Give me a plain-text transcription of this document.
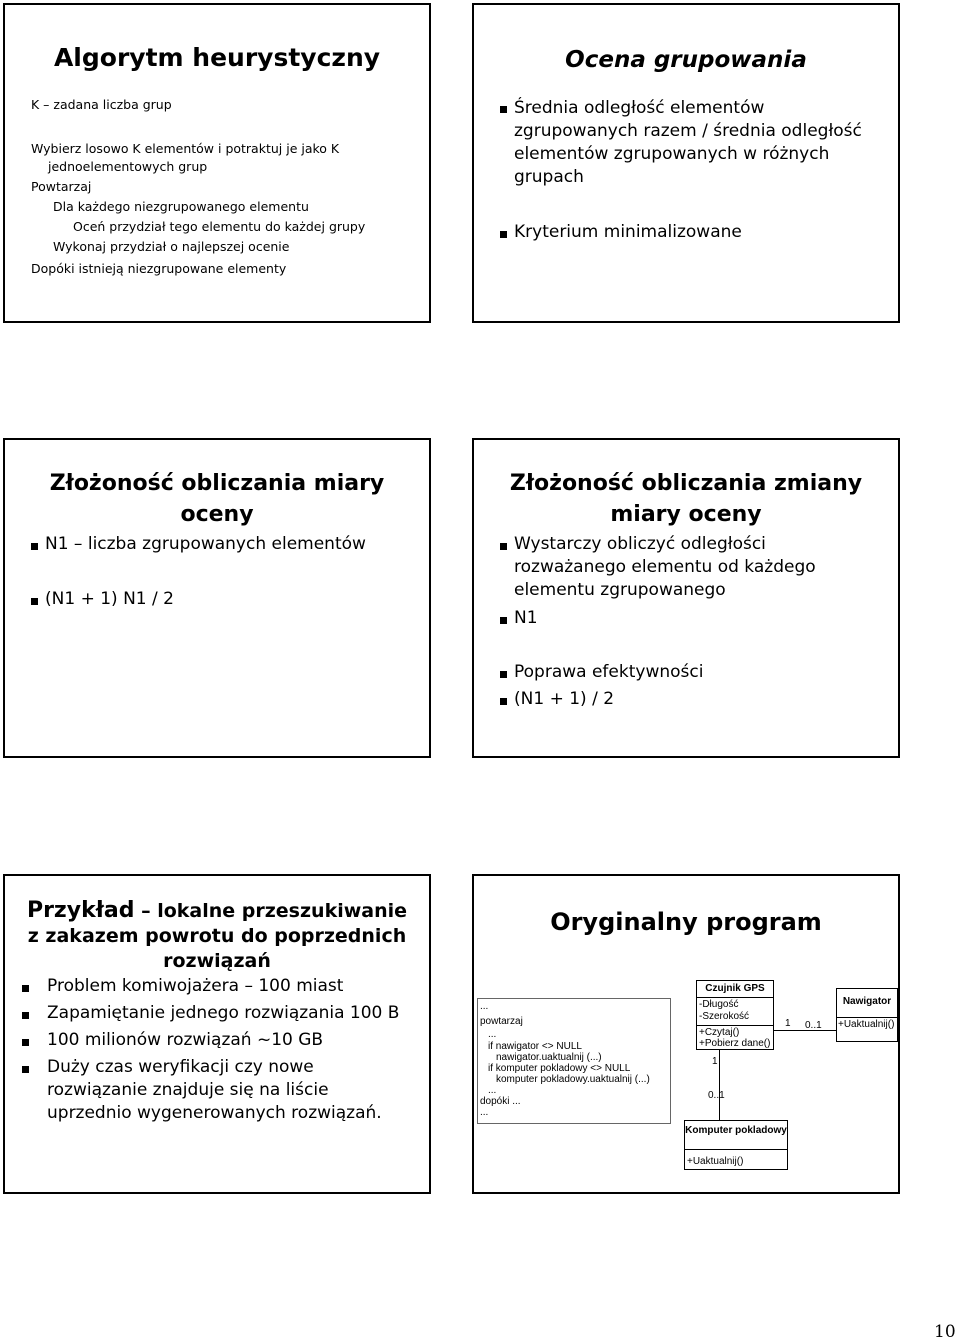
Algorytm heurystyczny
K – zadana liczba grup
Wybierz losowo K elementów i potraktuj je jako K
jednoelementowych grup
Powtarzaj
Dla każdego niezgrupowanego elementu
Oceń przydział tego elementu do każdej grupy
Wykonaj przydział o najlepszej ocenie
Dopóki istnieją niezgrupowane elementy
Ocena grupowania
Średnia odległość elementów
zgrupowanych razem / średnia odległość
elementów zgrupowanych w różnych
grupach
Kryterium minimalizowane
Złożoność obliczania miary
oceny
N1 – liczba zgrupowanych elementów
(N1 + 1) N1 / 2
Złożoność obliczania zmiany
miary oceny
Wystarczy obliczyć odległości
rozważanego elementu od każdego
elementu zgrupowanego
N1
Poprawa efektywności
(N1 + 1) / 2
Przykład – lokalne przeszukiwanie
z zakazem powrotu do poprzednich
rozwiązań
Problem komiwojażera – 100 miast
Zapamiętanie jednego rozwiązania 100 B
100 milionów rozwiązań ~10 GB
Duży czas weryfikacji czy nowe
rozwiązanie znajduje się na liście
uprzednio wygenerowanych rozwiązań.
Oryginalny program
...
powtarzaj
...
if nawigator <> NULL
nawigator.uaktualnij (...)
if komputer pokladowy <> NULL
komputer pokladowy.uaktualnij (...)
...
dopóki ...
...
Czujnik GPS
-Długość
-Szerokość
+Czytaj()
+Pobierz dane()
Nawigator
+Uaktualnij()
1 0..1
1
0..1
Komputer pokladowy
+Uaktualnij()
10
